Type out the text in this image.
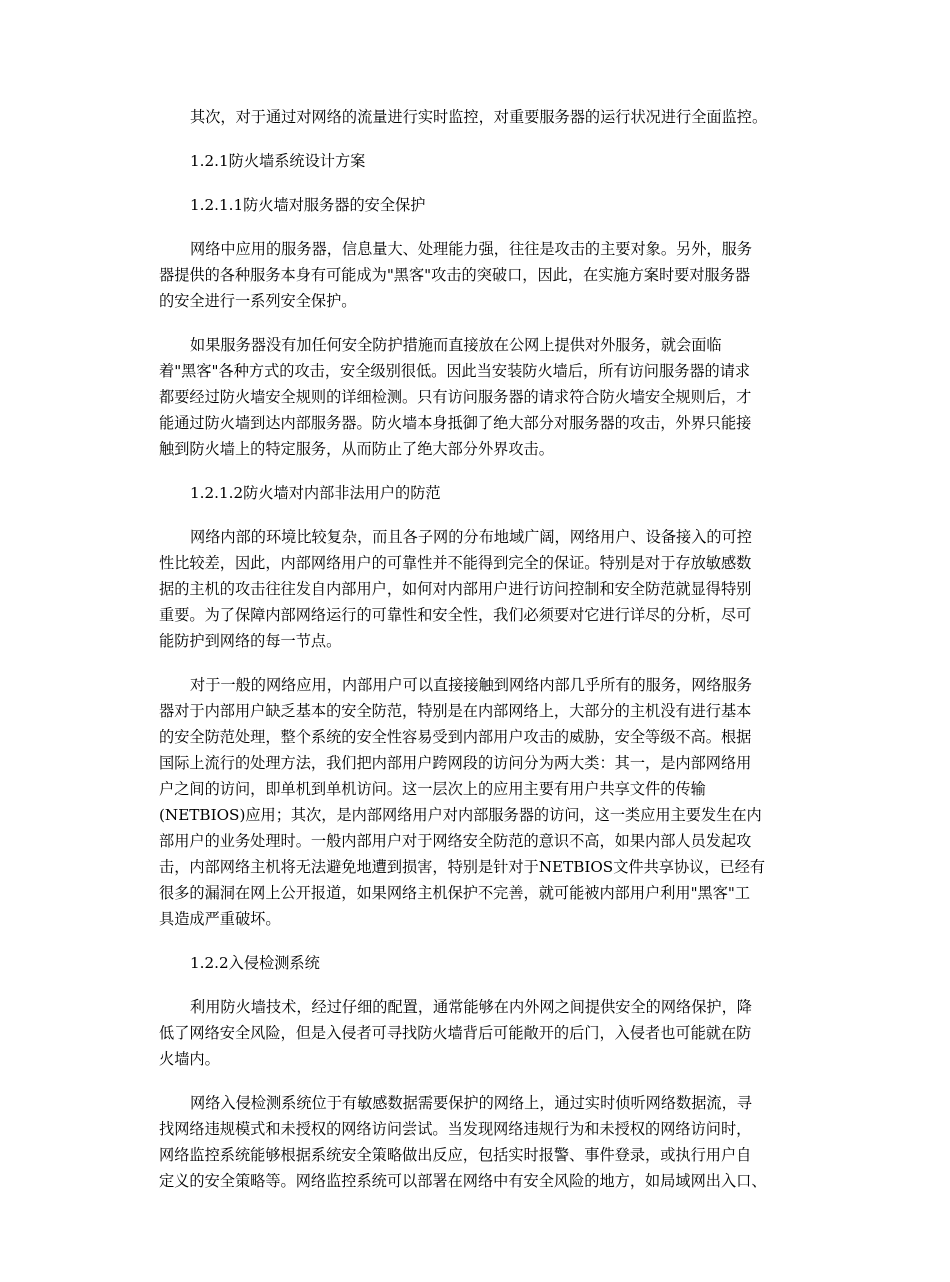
其次，对于通过对网络的流量进行实时监控，对重要服务器的运行状况进行全面监控。

1.2.1防火墙系统设计方案

1.2.1.1防火墙对服务器的安全保护

网络中应用的服务器，信息量大、处理能力强，往往是攻击的主要对象。另外，服务
器提供的各种服务本身有可能成为"黑客"攻击的突破口，因此，在实施方案时要对服务器
的安全进行一系列安全保护。
如果服务器没有加任何安全防护措施而直接放在公网上提供对外服务，就会面临
着"黑客"各种方式的攻击，安全级别很低。因此当安装防火墙后，所有访问服务器的请求
都要经过防火墙安全规则的详细检测。只有访问服务器的请求符合防火墙安全规则后，才
能通过防火墙到达内部服务器。防火墙本身抵御了绝大部分对服务器的攻击，外界只能接
触到防火墙上的特定服务，从而防止了绝大部分外界攻击。

1.2.1.2防火墙对内部非法用户的防范

网络内部的环境比较复杂，而且各子网的分布地域广阔，网络用户、设备接入的可控
性比较差，因此，内部网络用户的可靠性并不能得到完全的保证。特别是对于存放敏感数
据的主机的攻击往往发自内部用户，如何对内部用户进行访问控制和安全防范就显得特别
重要。为了保障内部网络运行的可靠性和安全性，我们必须要对它进行详尽的分析，尽可
能防护到网络的每一节点。
对于一般的网络应用，内部用户可以直接接触到网络内部几乎所有的服务，网络服务
器对于内部用户缺乏基本的安全防范，特别是在内部网络上，大部分的主机没有进行基本
的安全防范处理，整个系统的安全性容易受到内部用户攻击的威胁，安全等级不高。根据
国际上流行的处理方法，我们把内部用户跨网段的访问分为两大类：其一，是内部网络用
户之间的访问，即单机到单机访问。这一层次上的应用主要有用户共享文件的传输
(NETBIOS)应用；其次，是内部网络用户对内部服务器的访问，这一类应用主要发生在内
部用户的业务处理时。一般内部用户对于网络安全防范的意识不高，如果内部人员发起攻
击，内部网络主机将无法避免地遭到损害，特别是针对于NETBIOS文件共享协议，已经有
很多的漏洞在网上公开报道，如果网络主机保护不完善，就可能被内部用户利用"黑客"工
具造成严重破坏。

1.2.2入侵检测系统

利用防火墙技术，经过仔细的配置，通常能够在内外网之间提供安全的网络保护，降
低了网络安全风险，但是入侵者可寻找防火墙背后可能敞开的后门，入侵者也可能就在防
火墙内。
网络入侵检测系统位于有敏感数据需要保护的网络上，通过实时侦听网络数据流，寻
找网络违规模式和未授权的网络访问尝试。当发现网络违规行为和未授权的网络访问时，
网络监控系统能够根据系统安全策略做出反应，包括实时报警、事件登录，或执行用户自
定义的安全策略等。网络监控系统可以部署在网络中有安全风险的地方，如局域网出入口、
